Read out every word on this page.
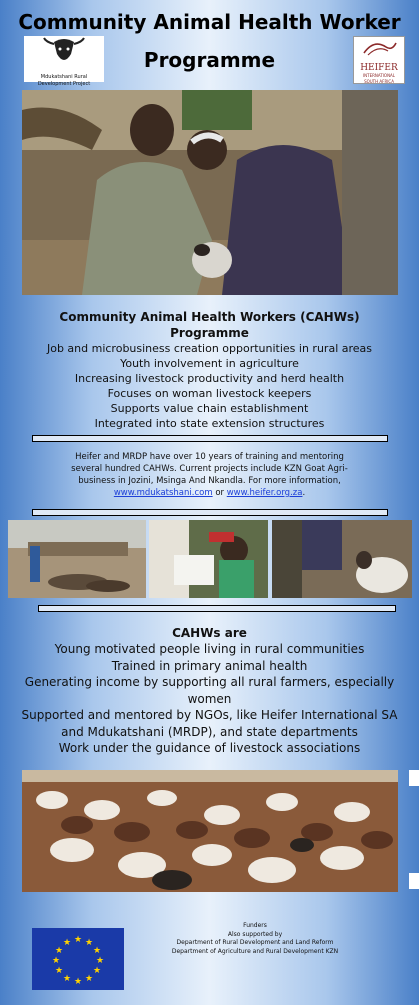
Community Animal Health Worker
Programme
Mdukatshani Rural Development Project
HEIFER
INTERNATIONAL
SOUTH AFRICA
Community Animal Health Workers (CAHWs)
Programme
Job and microbusiness creation opportunities in rural areas
Youth involvement in agriculture
Increasing livestock productivity and herd health
Focuses on woman livestock keepers
Supports value chain establishment
Integrated into state extension structures
Heifer and MRDP have over 10 years of training and mentoring
several hundred CAHWs. Current projects include KZN Goat Agri-
business in Jozini, Msinga And Nkandla. For more information,
www.mdukatshani.com or www.heifer.org.za.
CAHWs are
Young motivated people living in rural communities
Trained in primary animal health
Generating income by supporting all rural farmers, especially
women
Supported and mentored by NGOs, like Heifer International SA
and Mdukatshani (MRDP), and state departments
Work under the guidance of livestock associations
★ ★
★
★
★
★
★
★
★
★
★
★
Funders
Also supported by
Department of Rural Development and Land Reform
Department of Agriculture and Rural Development KZN
